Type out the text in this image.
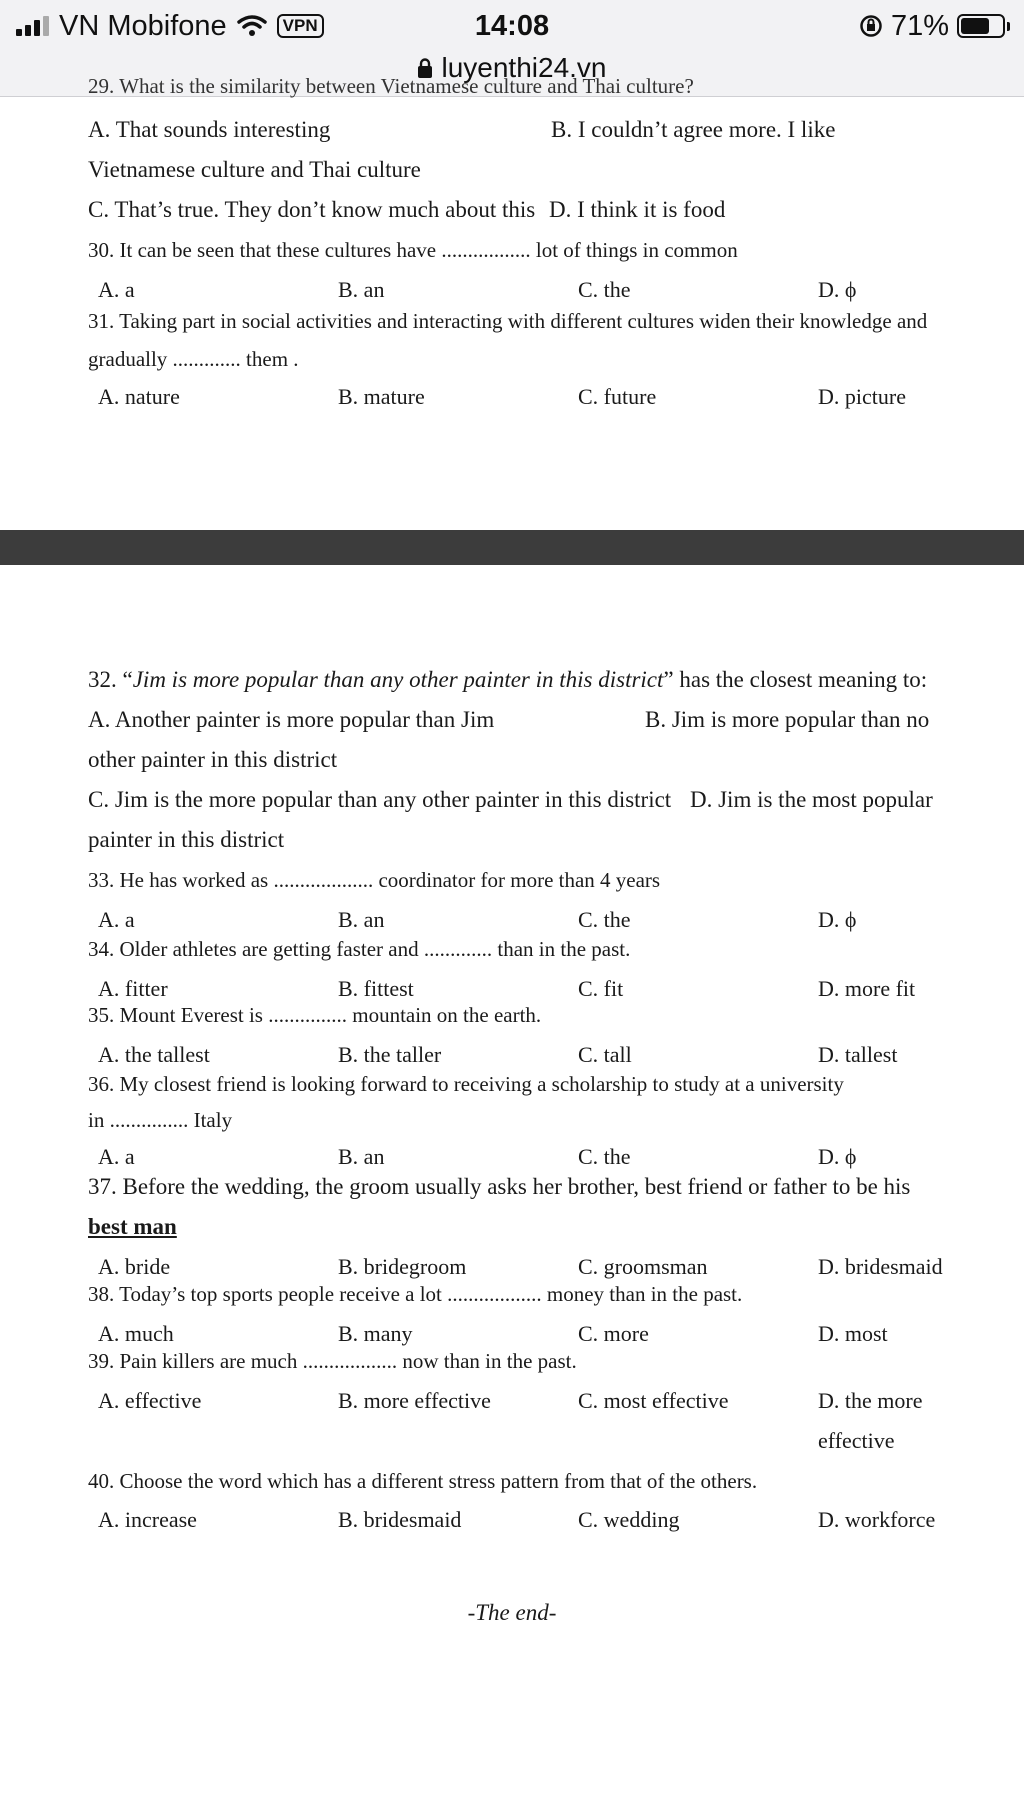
VN Mobifone	VPN	14:08	71%
luyenthi24.vn
29. What is the similarity between Vietnamese culture and Thai culture?
A. That sounds interesting	B. I couldn’t agree more. I like
Vietnamese culture and Thai culture
C. That’s true. They don’t know much about this D. I think it is food
30. It can be seen that these cultures have ................. lot of things in common
A. a	B. an	C. the	D. ϕ
31. Taking part in social activities and interacting with different cultures widen their knowledge and
gradually ............. them .
A. nature	B. mature	C. future	D. picture
32. “Jim is more popular than any other painter in this district” has the closest meaning to:
A. Another painter is more popular than Jim	B. Jim is more popular than no
other painter in this district
C. Jim is the more popular than any other painter in this district D. Jim is the most popular
painter in this district
33. He has worked as ................... coordinator for more than 4 years
A. a	B. an	C. the	D. ϕ
34. Older athletes are getting faster and ............. than in the past.
A. fitter	B. fittest	C. fit	D. more fit
35. Mount Everest is ............... mountain on the earth.
A. the tallest	B. the taller	C. tall	D. tallest
36. My closest friend is looking forward to receiving a scholarship to study at a university
in ............... Italy
A. a	B. an	C. the	D. ϕ
37. Before the wedding, the groom usually asks her brother, best friend or father to be his
best man
A. bride	B. bridegroom	C. groomsman	D. bridesmaid
38. Today’s top sports people receive a lot .................. money than in the past.
A. much	B. many	C. more	D. most
39. Pain killers are much .................. now than in the past.
A. effective	B. more effective	C. most effective	D. the more
effective
40. Choose the word which has a different stress pattern from that of the others.
A. increase	B. bridesmaid	C. wedding	D. workforce
-The end-
